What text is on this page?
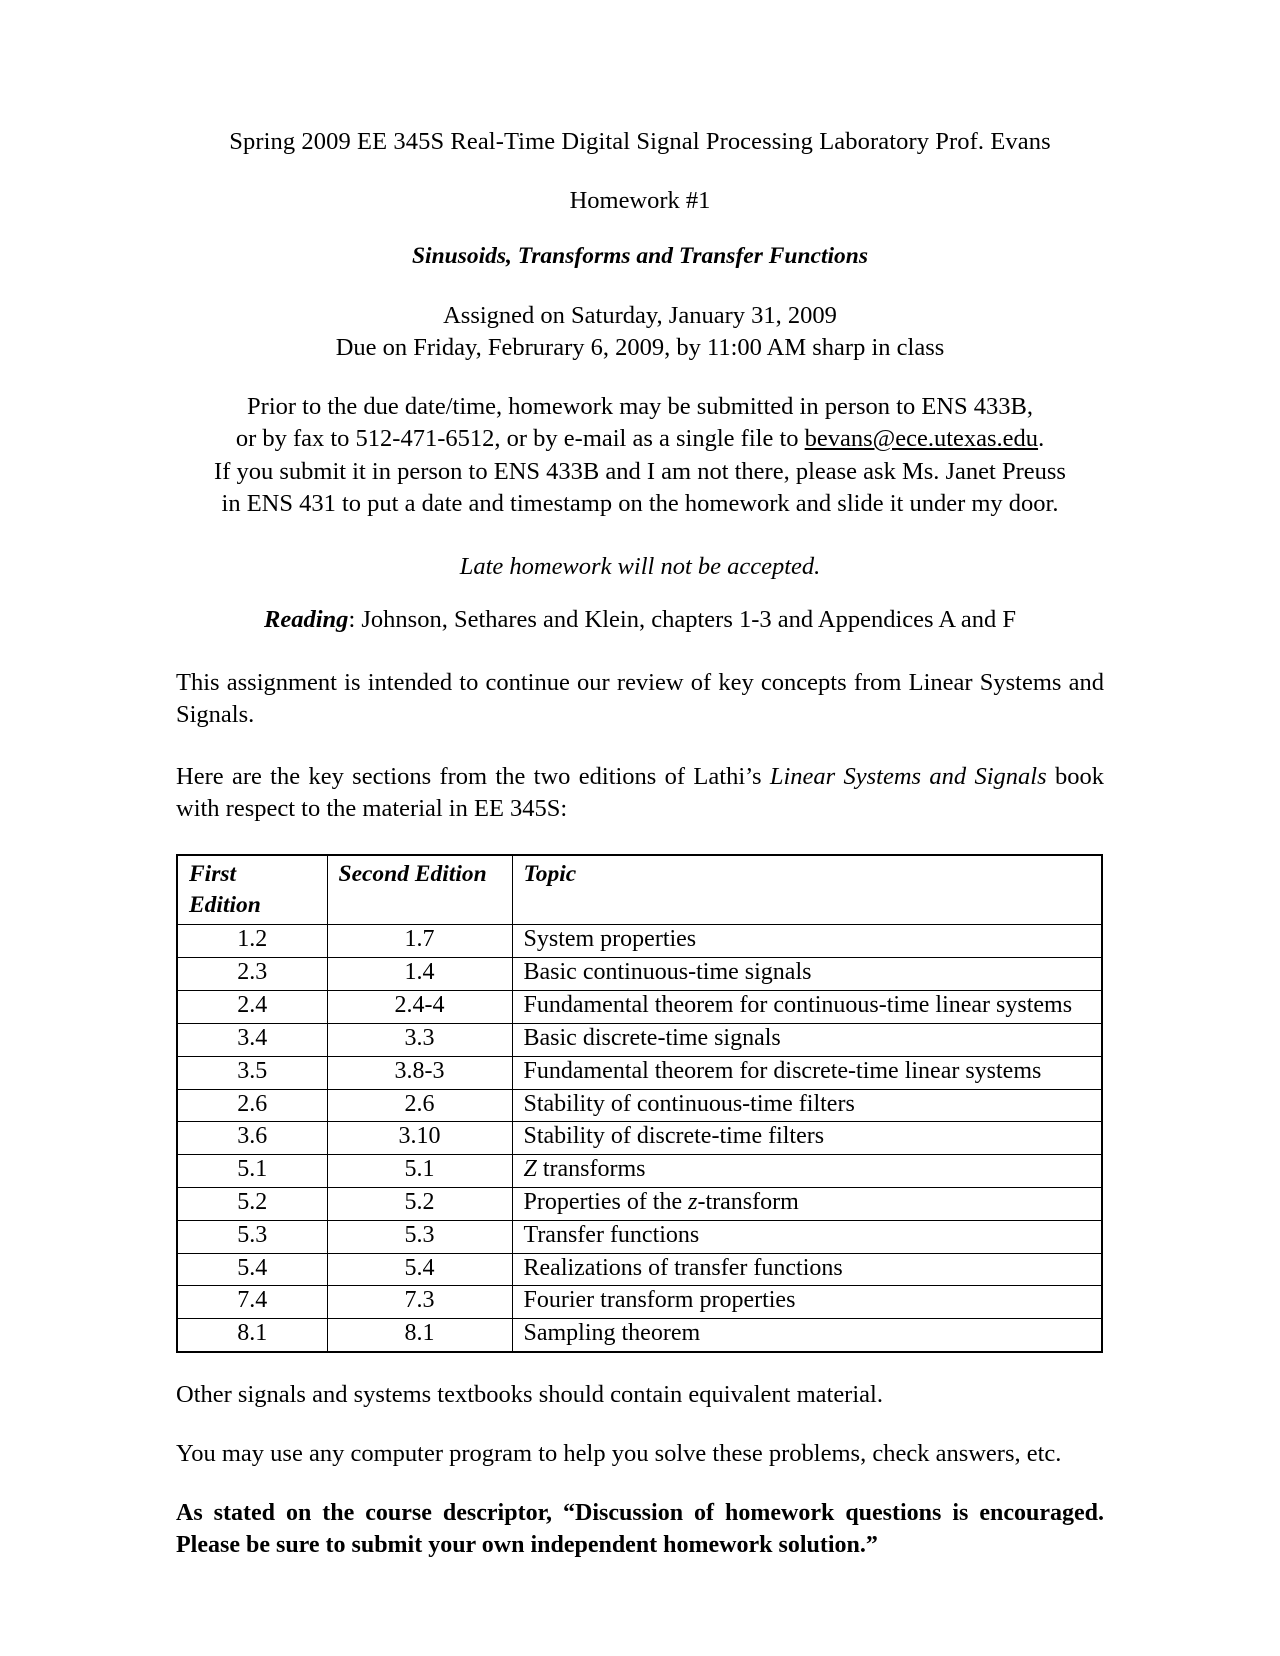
Spring 2009 EE 345S Real-Time Digital Signal Processing Laboratory Prof. Evans
Homework #1
Sinusoids, Transforms and Transfer Functions
Assigned on Saturday, January 31, 2009
Due on Friday, Februrary 6, 2009, by 11:00 AM sharp in class
Prior to the due date/time, homework may be submitted in person to ENS 433B,
or by fax to 512-471-6512, or by e-mail as a single file to bevans@ece.utexas.edu.
If you submit it in person to ENS 433B and I am not there, please ask Ms. Janet Preuss
in ENS 431 to put a date and timestamp on the homework and slide it under my door.
Late homework will not be accepted.
Reading: Johnson, Sethares and Klein, chapters 1-3 and Appendices A and F

This assignment is intended to continue our review of key concepts from Linear Systems and Signals.

Here are the key sections from the two editions of Lathi’s Linear Systems and Signals book with respect to the material in EE 345S:

First
Edition	Second Edition	Topic
1.2	1.7	System properties
2.3	1.4	Basic continuous-time signals
2.4	2.4-4	Fundamental theorem for continuous-time linear systems
3.4	3.3	Basic discrete-time signals
3.5	3.8-3	Fundamental theorem for discrete-time linear systems
2.6	2.6	Stability of continuous-time filters
3.6	3.10	Stability of discrete-time filters
5.1	5.1	Z transforms
5.2	5.2	Properties of the z-transform
5.3	5.3	Transfer functions
5.4	5.4	Realizations of transfer functions
7.4	7.3	Fourier transform properties
8.1	8.1	Sampling theorem

Other signals and systems textbooks should contain equivalent material.

You may use any computer program to help you solve these problems, check answers, etc.

As stated on the course descriptor, “Discussion of homework questions is encouraged. Please be sure to submit your own independent homework solution.”
